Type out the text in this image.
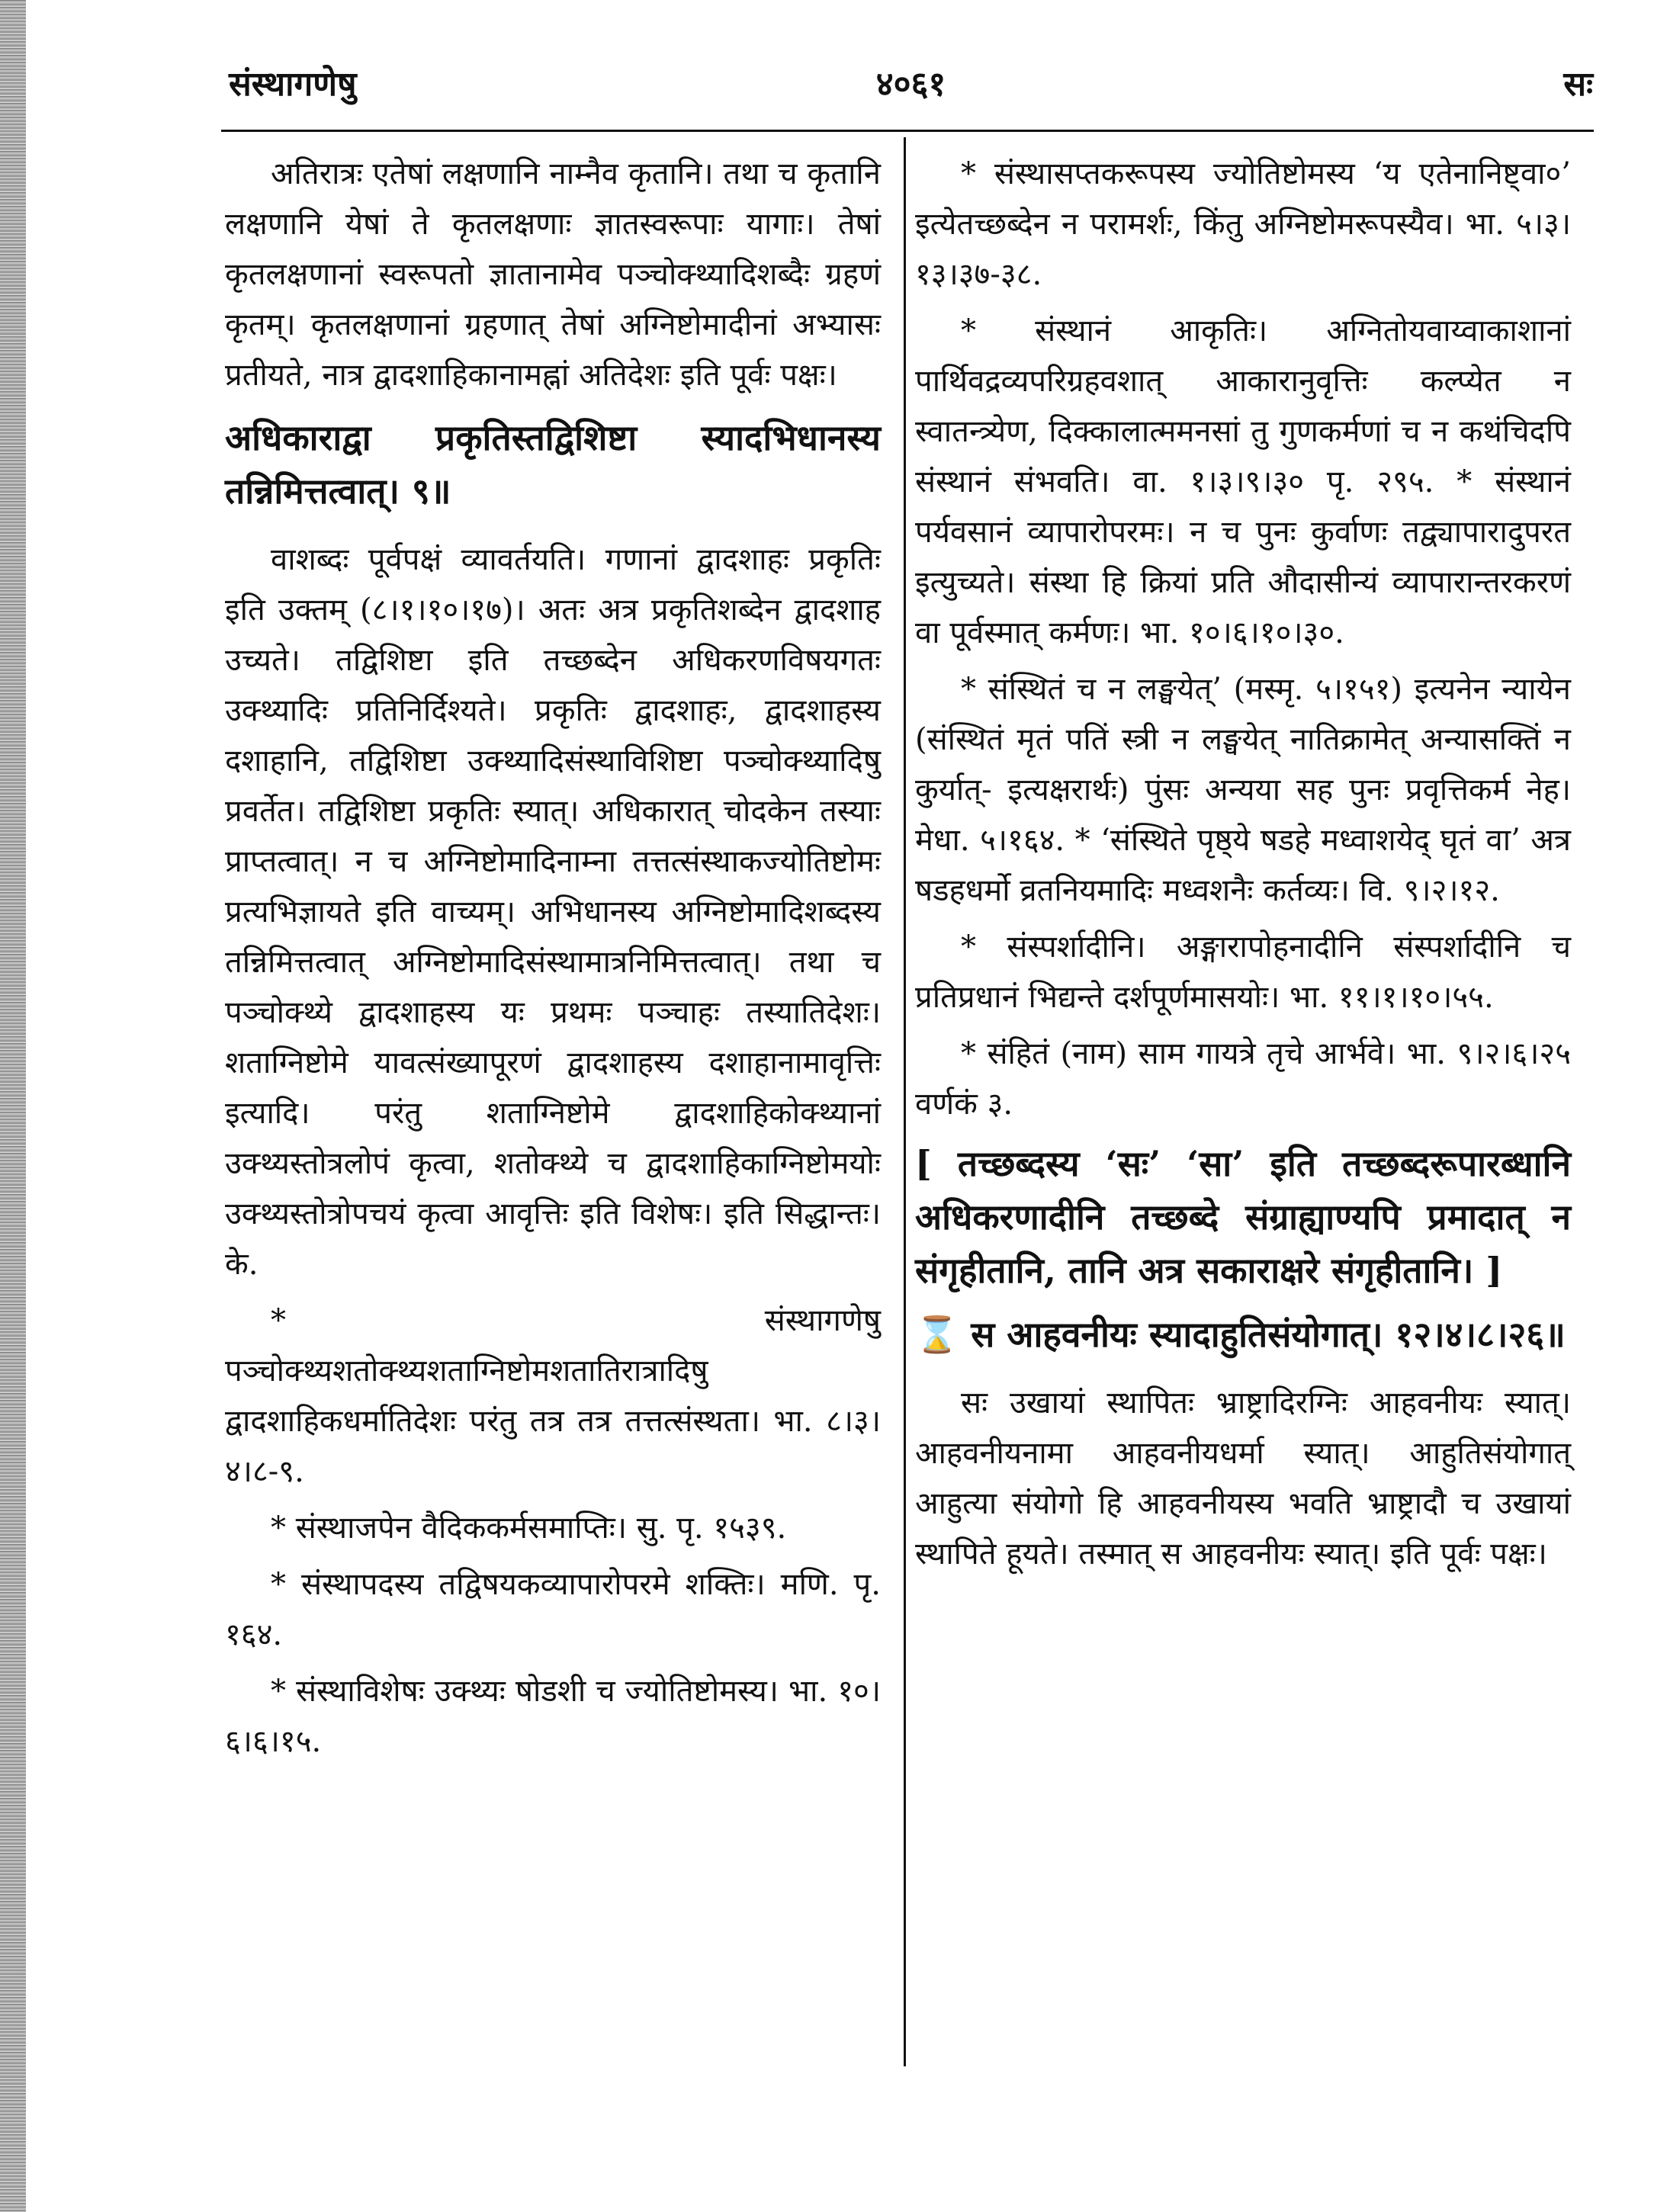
संस्थागणेषु	४०६१	सः

अतिरात्रः एतेषां लक्षणानि नाम्नैव कृतानि। तथा च कृतानि लक्षणानि येषां ते कृतलक्षणाः ज्ञातस्वरूपाः यागाः। तेषां कृतलक्षणानां स्वरूपतो ज्ञातानामेव पञ्चोक्थ्यादिशब्दैः ग्रहणं कृतम्। कृतलक्षणानां ग्रहणात् तेषां अग्निष्टोमादीनां अभ्यासः प्रतीयते, नात्र द्वादशाहिकानामह्नां अतिदेशः इति पूर्वः पक्षः।

अधिकाराद्वा प्रकृतिस्तद्विशिष्टा स्यादभिधानस्य तन्निमित्तत्वात्। ९॥

वाशब्दः पूर्वपक्षं व्यावर्तयति। गणानां द्वादशाहः प्रकृतिः इति उक्तम् (८।१।१०।१७)। अतः अत्र प्रकृतिशब्देन द्वादशाह उच्यते। तद्विशिष्टा इति तच्छब्देन अधिकरणविषयगतः उक्थ्यादिः प्रतिनिर्दिश्यते। प्रकृतिः द्वादशाहः, द्वादशाहस्य दशाहानि, तद्विशिष्टा उक्थ्यादिसंस्थाविशिष्टा पञ्चोक्थ्यादिषु प्रवर्तेत। तद्विशिष्टा प्रकृतिः स्यात्। अधिकारात् चोदकेन तस्याः प्राप्तत्वात्। न च अग्निष्टोमादिनाम्ना तत्तत्संस्थाकज्योतिष्टोमः प्रत्यभिज्ञायते इति वाच्यम्। अभिधानस्य अग्निष्टोमादिशब्दस्य तन्निमित्तत्वात् अग्निष्टोमादिसंस्थामात्रनिमित्तत्वात्। तथा च पञ्चोक्थ्ये द्वादशाहस्य यः प्रथमः पञ्चाहः तस्यातिदेशः। शताग्निष्टोमे यावत्संख्यापूरणं द्वादशाहस्य दशाहानामावृत्तिः इत्यादि। परंतु शताग्निष्टोमे द्वादशाहिकोक्थ्यानां उक्थ्यस्तोत्रलोपं कृत्वा, शतोक्थ्ये च द्वादशाहिकाग्निष्टोमयोः उक्थ्यस्तोत्रोपचयं कृत्वा आवृत्तिः इति विशेषः। इति सिद्धान्तः। के.

* संस्थागणेषु पञ्चोक्थ्यशतोक्थ्यशताग्निष्टोमशतातिरात्रादिषु द्वादशाहिकधर्मातिदेशः परंतु तत्र तत्र तत्तत्संस्थता। भा. ८।३।४।८-९.

* संस्थाजपेन वैदिककर्मसमाप्तिः। सु. पृ. १५३९.

* संस्थापदस्य तद्विषयकव्यापारोपरमे शक्तिः। मणि. पृ. १६४.

* संस्थाविशेषः उक्थ्यः षोडशी च ज्योतिष्टोमस्य। भा. १०।६।६।१५.

* संस्थासप्तकरूपस्य ज्योतिष्टोमस्य ‘य एतेनानिष्ट्वा०’ इत्येतच्छब्देन न परामर्शः, किंतु अग्निष्टोमरूपस्यैव। भा. ५।३।१३।३७-३८.

* संस्थानं आकृतिः। अग्नितोयवाय्वाकाशानां पार्थिवद्रव्यपरिग्रहवशात् आकारानुवृत्तिः कल्प्येत न स्वातन्त्र्येण, दिक्कालात्ममनसां तु गुणकर्मणां च न कथंचिदपि संस्थानं संभवति। वा. १।३।९।३० पृ. २९५. * संस्थानं पर्यवसानं व्यापारोपरमः। न च पुनः कुर्वाणः तद्व्यापारादुपरत इत्युच्यते। संस्था हि क्रियां प्रति औदासीन्यं व्यापारान्तरकरणं वा पूर्वस्मात् कर्मणः। भा. १०।६।१०।३०.

* संस्थितं च न लङ्घयेत्’ (मस्मृ. ५।१५१) इत्यनेन न्यायेन (संस्थितं मृतं पतिं स्त्री न लङ्घयेत् नातिक्रामेत् अन्यासक्तिं न कुर्यात्- इत्यक्षरार्थः) पुंसः अन्यया सह पुनः प्रवृत्तिकर्म नेह। मेधा. ५।१६४. * ‘संस्थिते पृष्ठ्ये षडहे मध्वाशयेद् घृतं वा’ अत्र षडहधर्मो व्रतनियमादिः मध्वशनैः कर्तव्यः। वि. ९।२।१२.

* संस्पर्शादीनि। अङ्गारापोहनादीनि संस्पर्शादीनि च प्रतिप्रधानं भिद्यन्ते दर्शपूर्णमासयोः। भा. ११।१।१०।५५.

* संहितं (नाम) साम गायत्रे तृचे आर्भवे। भा. ९।२।६।२५ वर्णकं ३.

[ तच्छब्दस्य ‘सः’ ‘सा’ इति तच्छब्दरूपारब्धानि अधिकरणादीनि तच्छब्दे संग्राह्याण्यपि प्रमादात् न संगृहीतानि, तानि अत्र सकाराक्षरे संगृहीतानि। ]

⌛ स आहवनीयः स्यादाहुतिसंयोगात्। १२।४।८।२६॥

सः उखायां स्थापितः भ्राष्ट्रादिरग्निः आहवनीयः स्यात्। आहवनीयनामा आहवनीयधर्मा स्यात्। आहुतिसंयोगात् आहुत्या संयोगो हि आहवनीयस्य भवति भ्राष्ट्रादौ च उखायां स्थापिते हूयते। तस्मात् स आहवनीयः स्यात्। इति पूर्वः पक्षः।
